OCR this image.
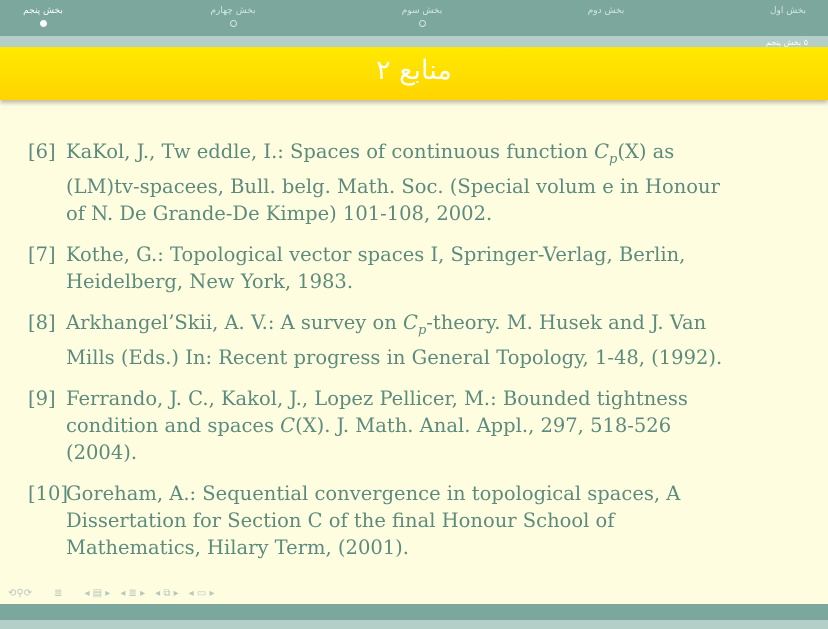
بخش پنجم	بخش چهارم	بخش سوم	بخش دوم	بخش اول
۵ بخش پنجم
منابع ۲
[6] KaKol, J., Tw eddle, I.: Spaces of continuous function $C_p(X)$ as (LM)tv-spacees, Bull. belg. Math. Soc. (Special volum e in Honour of N. De Grande-De Kimpe) 101-108, 2002.
[7] Kothe, G.: Topological vector spaces I, Springer-Verlag, Berlin, Heidelberg, New York, 1983.
[8] Arkhangel’Skii, A. V.: A survey on $C_p$-theory. M. Husek and J. Van Mills (Eds.) In: Recent progress in General Topology, 1-48, (1992).
[9] Ferrando, J. C., Kakol, J., Lopez Pellicer, M.: Bounded tightness condition and spaces C(X). J. Math. Anal. Appl., 297, 518-526 (2004).
[10]
Goreham, A.: Sequential convergence in topological spaces, A Dissertation for Section C of the final Honour School of Mathematics, Hilary Term, (2001).
⟲⚲⟳ ≣ ◂ ▤ ▸ ◂ ≣ ▸ ◂ ⧉ ▸ ◂ ▭ ▸
